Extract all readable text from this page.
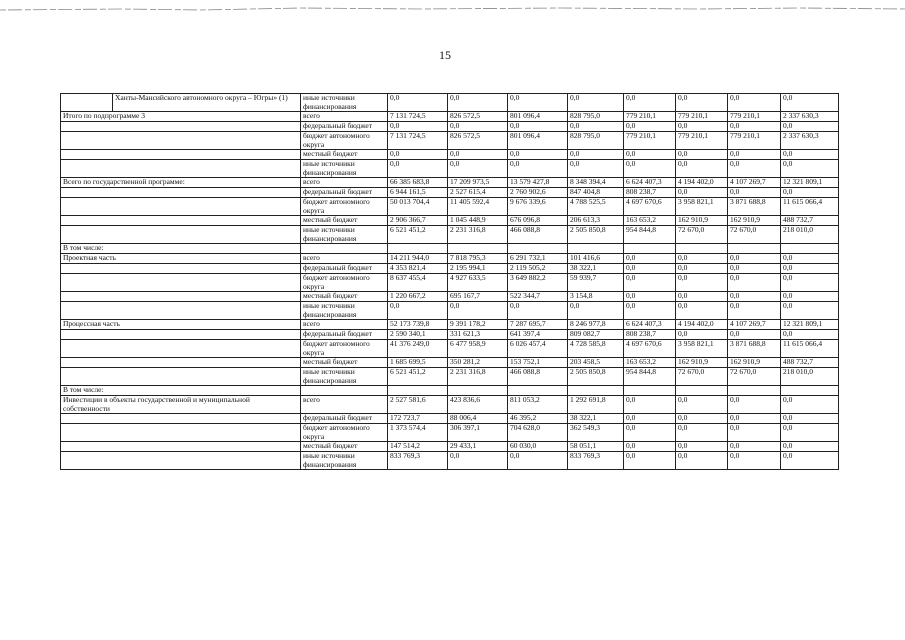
15
	Ханты-Мансийского автономного округа – Югры» (1)	иные источники финансирования	0,0	0,0	0,0	0,0	0,0	0,0	0,0	0,0
Итого по подпрограмме 3		всего	7 131 724,5	826 572,5	801 096,4	828 795,0	779 210,1	779 210,1	779 210,1	2 337 630,3
		федеральный бюджет	0,0	0,0	0,0	0,0	0,0	0,0	0,0	0,0
		бюджет автономного округа	7 131 724,5	826 572,5	801 096,4	828 795,0	779 210,1	779 210,1	779 210,1	2 337 630,3
		местный бюджет	0,0	0,0	0,0	0,0	0,0	0,0	0,0	0,0
		иные источники финансирования	0,0	0,0	0,0	0,0	0,0	0,0	0,0	0,0
Всего по государственной программе:		всего	66 385 683,8	17 209 973,5	13 579 427,8	8 348 394,4	6 624 407,3	4 194 402,0	4 107 269,7	12 321 809,1
		федеральный бюджет	6 944 161,5	2 527 615,4	2 760 902,6	847 404,8	808 238,7	0,0	0,0	0,0
		бюджет автономного округа	50 013 704,4	11 405 592,4	9 676 339,6	4 788 525,5	4 697 670,6	3 958 821,1	3 871 688,8	11 615 066,4
		местный бюджет	2 906 366,7	1 045 448,9	676 096,8	206 613,3	163 653,2	162 910,9	162 910,9	488 732,7
		иные источники финансирования	6 521 451,2	2 231 316,8	466 088,8	2 505 850,8	954 844,8	72 670,0	72 670,0	218 010,0
В том числе:										
Проектная часть		всего	14 211 944,0	7 818 795,3	6 291 732,1	101 416,6	0,0	0,0	0,0	0,0
		федеральный бюджет	4 353 821,4	2 195 994,1	2 119 505,2	38 322,1	0,0	0,0	0,0	0,0
		бюджет автономного округа	8 637 455,4	4 927 633,5	3 649 882,2	59 939,7	0,0	0,0	0,0	0,0
		местный бюджет	1 220 667,2	695 167,7	522 344,7	3 154,8	0,0	0,0	0,0	0,0
		иные источники финансирования	0,0	0,0	0,0	0,0	0,0	0,0	0,0	0,0
Процессная часть		всего	52 173 739,8	9 391 178,2	7 287 695,7	8 246 977,8	6 624 407,3	4 194 402,0	4 107 269,7	12 321 809,1
		федеральный бюджет	2 590 340,1	331 621,3	641 397,4	809 082,7	808 238,7	0,0	0,0	0,0
		бюджет автономного округа	41 376 249,0	6 477 958,9	6 026 457,4	4 728 585,8	4 697 670,6	3 958 821,1	3 871 688,8	11 615 066,4
		местный бюджет	1 685 699,5	350 281,2	153 752,1	203 458,5	163 653,2	162 910,9	162 910,9	488 732,7
		иные источники финансирования	6 521 451,2	2 231 316,8	466 088,8	2 505 850,8	954 844,8	72 670,0	72 670,0	218 010,0
В том числе:										
Инвестиции в объекты государственной и муниципальной собственности		всего	2 527 581,6	423 836,6	811 053,2	1 292 691,8	0,0	0,0	0,0	0,0
		федеральный бюджет	172 723,7	88 006,4	46 395,2	38 322,1	0,0	0,0	0,0	0,0
		бюджет автономного округа	1 373 574,4	306 397,1	704 628,0	362 549,3	0,0	0,0	0,0	0,0
		местный бюджет	147 514,2	29 433,1	60 030,0	58 051,1	0,0	0,0	0,0	0,0
		иные источники финансирования	833 769,3	0,0	0,0	833 769,3	0,0	0,0	0,0	0,0
